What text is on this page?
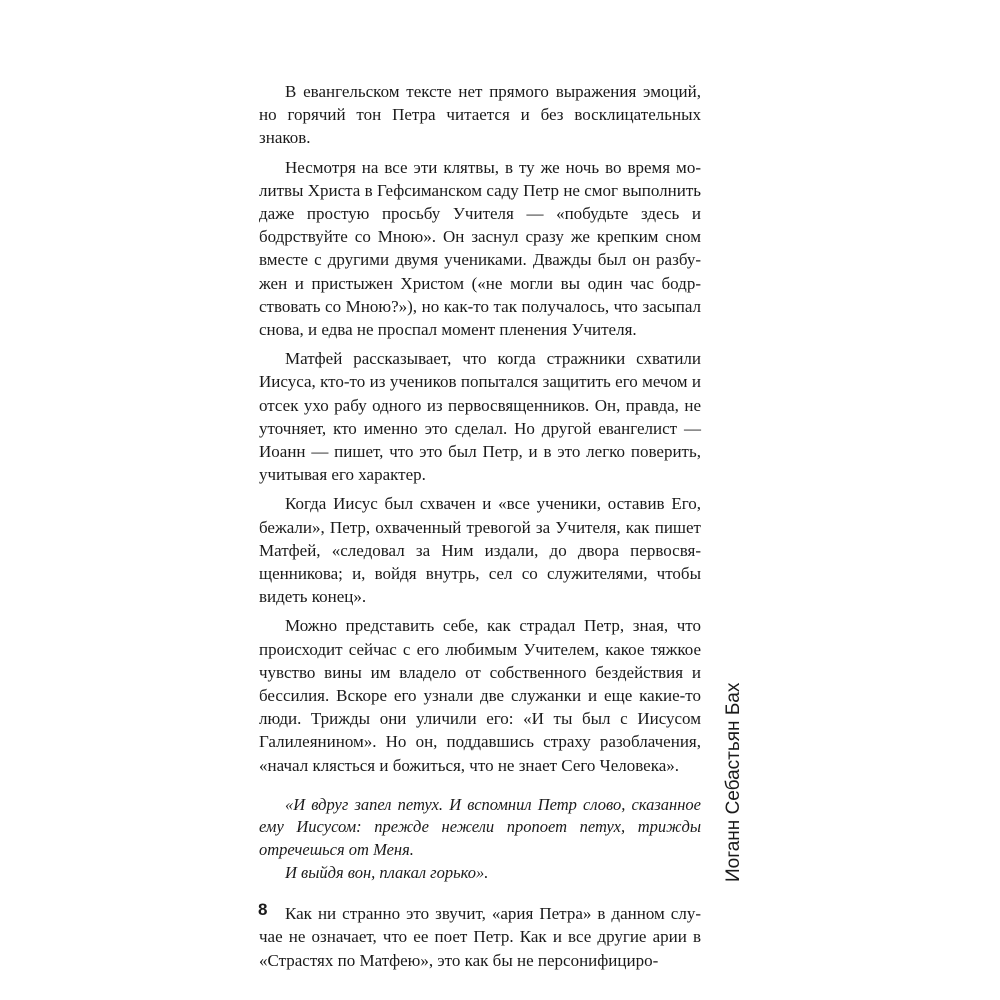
В евангельском тексте нет прямого выражения эмоций, но горячий тон Петра читается и без восклицательных знаков.

Несмотря на все эти клятвы, в ту же ночь во время молитвы Христа в Гефсиманском саду Петр не смог выполнить даже простую просьбу Учителя — «побудьте здесь и бодрствуйте со Мною». Он заснул сразу же крепким сном вместе с другими двумя учениками. Дважды был он разбужен и пристыжен Христом («не могли вы один час бодрствовать со Мною?»), но как-то так получалось, что засыпал снова, и едва не проспал момент пленения Учителя.

Матфей рассказывает, что когда стражники схватили Иисуса, кто-то из учеников попытался защитить его мечом и отсек ухо рабу одного из первосвященников. Он, правда, не уточняет, кто именно это сделал. Но другой евангелист — Иоанн — пишет, что это был Петр, и в это легко поверить, учитывая его характер.

Когда Иисус был схвачен и «все ученики, оставив Его, бежали», Петр, охваченный тревогой за Учителя, как пишет Матфей, «следовал за Ним издали, до двора первосвященникова; и, войдя внутрь, сел со служителями, чтобы видеть конец».

Можно представить себе, как страдал Петр, зная, что происходит сейчас с его любимым Учителем, какое тяжкое чувство вины им владело от собственного бездействия и бессилия. Вскоре его узнали две служанки и еще какие-то люди. Трижды они уличили его: «И ты был с Иисусом Галилеянином». Но он, поддавшись страху разоблачения, «начал клясться и божиться, что не знает Сего Человека».

«И вдруг запел петух. И вспомнил Петр слово, сказанное ему Иисусом: прежде нежели пропоет петух, трижды отречешься от Меня.

И выйдя вон, плакал горько».

Как ни странно это звучит, «ария Петра» в данном случае не означает, что ее поет Петр. Как и все другие арии в «Страстях по Матфею», это как бы не персонифициро-

8
Иоганн Себастьян Бах
